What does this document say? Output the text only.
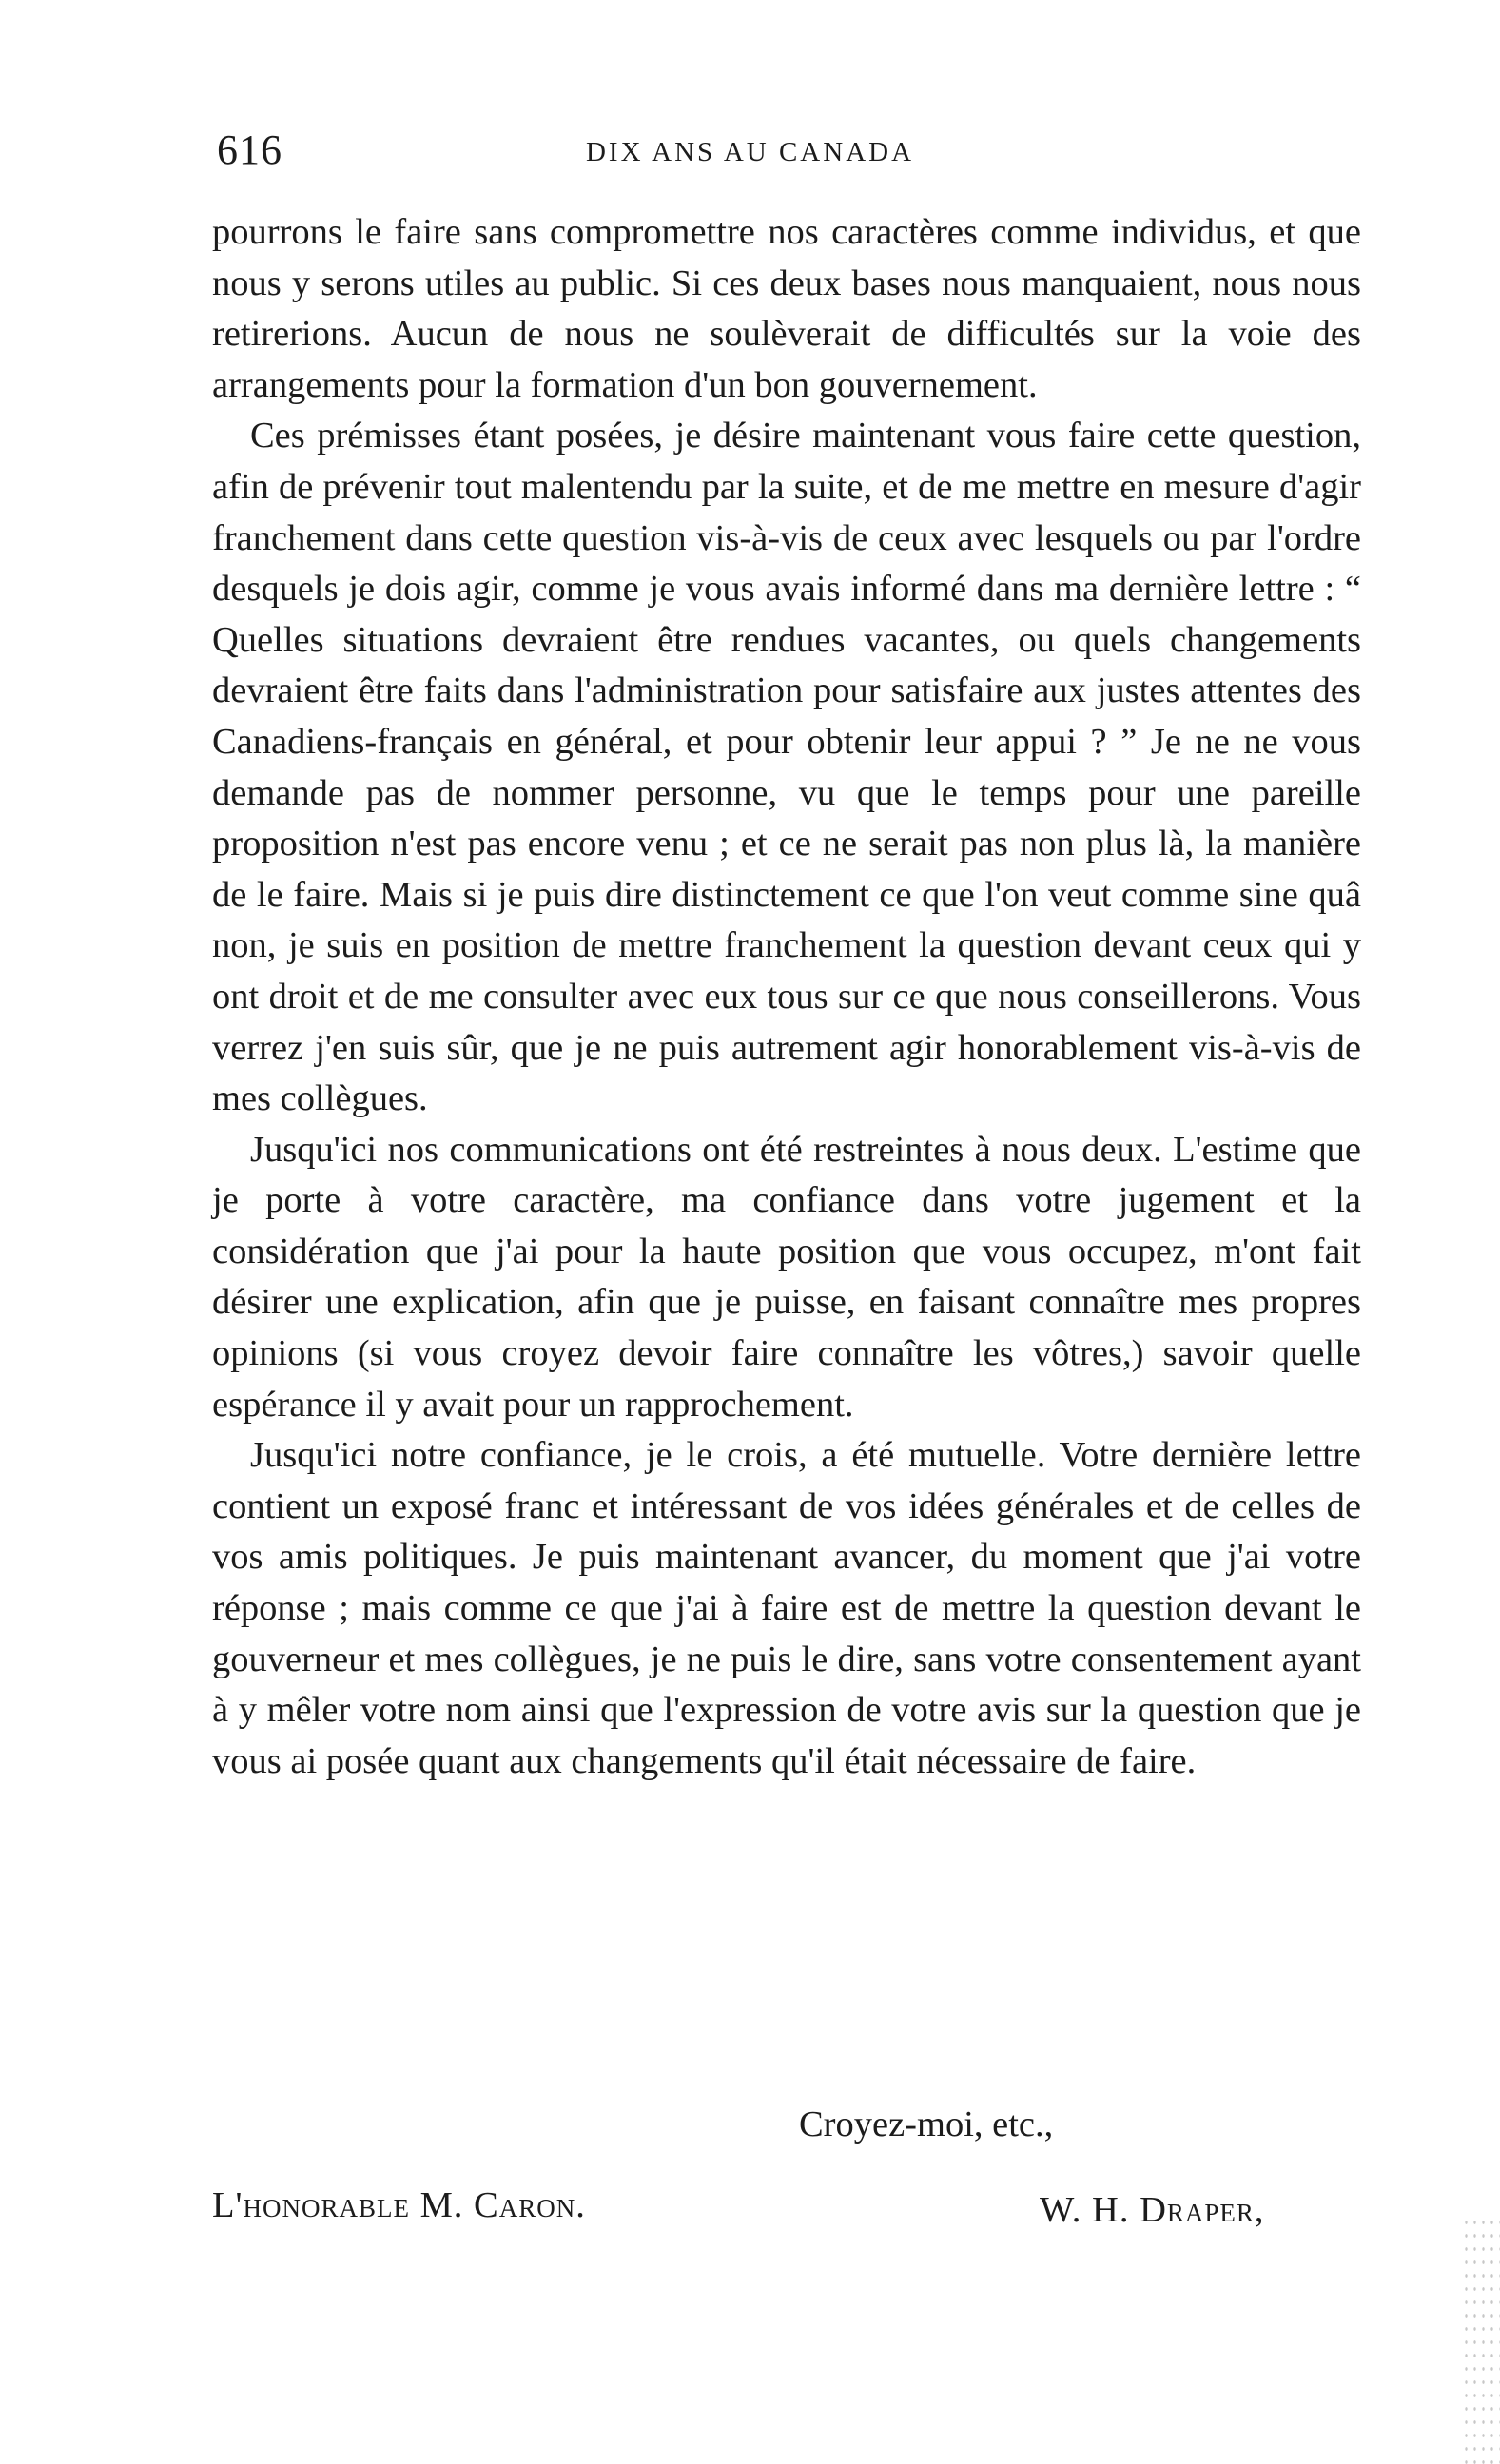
616	DIX ANS AU CANADA

pourrons le faire sans compromettre nos caractères comme individus, et que nous y serons utiles au public. Si ces deux bases nous manquaient, nous nous retirerions. Aucun de nous ne soulèverait de difficultés sur la voie des arrangements pour la formation d'un bon gouvernement.

Ces prémisses étant posées, je désire maintenant vous faire cette question, afin de prévenir tout malentendu par la suite, et de me mettre en mesure d'agir franchement dans cette question vis-à-vis de ceux avec lesquels ou par l'ordre desquels je dois agir, comme je vous avais informé dans ma dernière lettre : “ Quelles situations devraient être rendues vacantes, ou quels changements devraient être faits dans l'administration pour satisfaire aux justes attentes des Canadiens-français en général, et pour obtenir leur appui ? ” Je ne ne vous demande pas de nommer personne, vu que le temps pour une pareille proposition n'est pas encore venu ; et ce ne serait pas non plus là, la manière de le faire. Mais si je puis dire distinctement ce que l'on veut comme sine quâ non, je suis en position de mettre franchement la question devant ceux qui y ont droit et de me consulter avec eux tous sur ce que nous conseillerons. Vous verrez j'en suis sûr, que je ne puis autrement agir honorablement vis-à-vis de mes collègues.

Jusqu'ici nos communications ont été restreintes à nous deux. L'estime que je porte à votre caractère, ma confiance dans votre jugement et la considération que j'ai pour la haute position que vous occupez, m'ont fait désirer une explication, afin que je puisse, en faisant connaître mes propres opinions (si vous croyez devoir faire connaître les vôtres,) savoir quelle espérance il y avait pour un rapprochement.

Jusqu'ici notre confiance, je le crois, a été mutuelle. Votre dernière lettre contient un exposé franc et intéressant de vos idées générales et de celles de vos amis politiques. Je puis maintenant avancer, du moment que j'ai votre réponse ; mais comme ce que j'ai à faire est de mettre la question devant le gouverneur et mes collègues, je ne puis le dire, sans votre consentement ayant à y mêler votre nom ainsi que l'expression de votre avis sur la question que je vous ai posée quant aux changements qu'il était nécessaire de faire.

Croyez-moi, etc.,
L'honorable M. Caron.	W. H. Draper,
